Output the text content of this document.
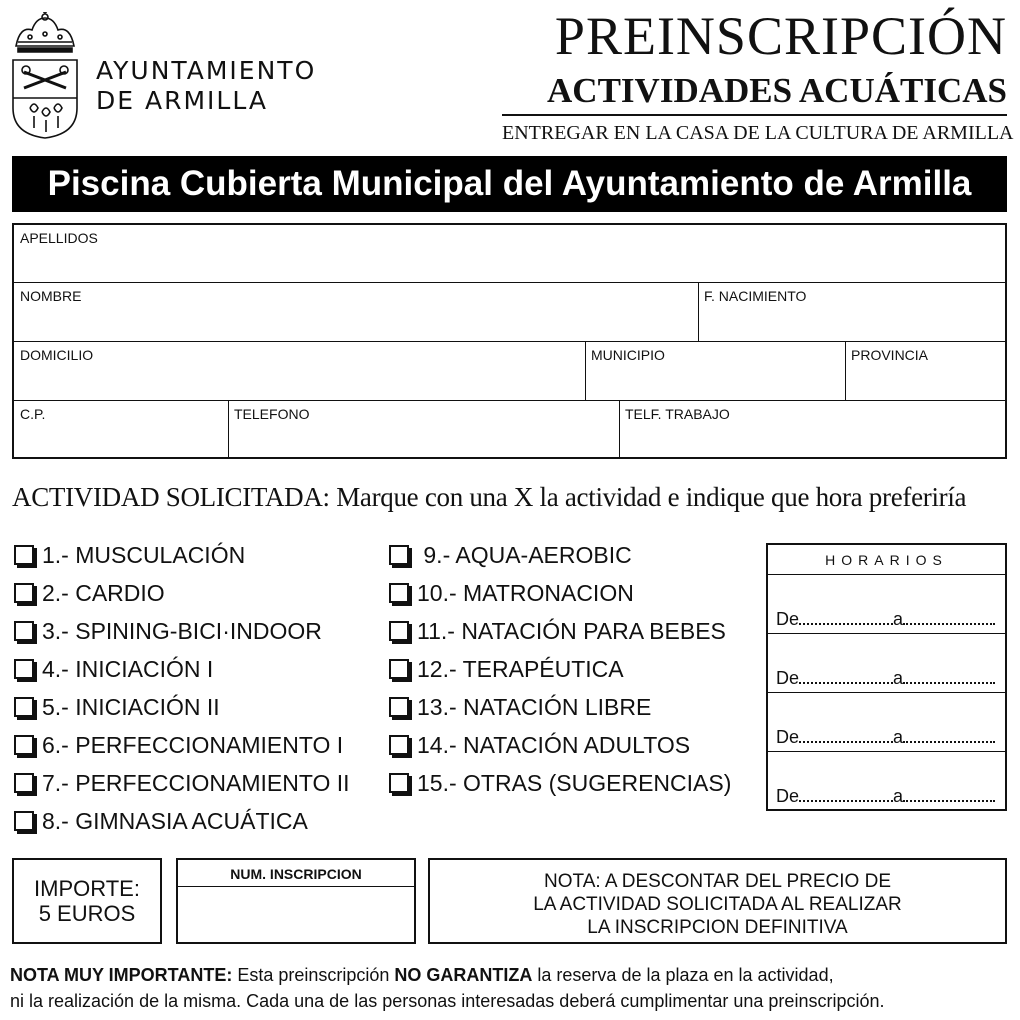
AYUNTAMIENTO
DE ARMILLA
PREINSCRIPCIÓN
ACTIVIDADES ACUÁTICAS
ENTREGAR EN LA CASA DE LA CULTURA DE ARMILLA
Piscina Cubierta Municipal del Ayuntamiento de Armilla
APELLIDOS
NOMBRE	F. NACIMIENTO
DOMICILIO	MUNICIPIO	PROVINCIA
C.P.	TELEFONO	TELF. TRABAJO
ACTIVIDAD SOLICITADA: Marque con una X la actividad e indique que hora preferiría
1.- MUSCULACIÓN
2.- CARDIO
3.- SPINING-BICI·INDOOR
4.- INICIACIÓN I
5.- INICIACIÓN II
6.- PERFECCIONAMIENTO I
7.- PERFECCIONAMIENTO II
8.- GIMNASIA ACUÁTICA
9.- AQUA-AEROBIC
10.- MATRONACION
11.- NATACIÓN PARA BEBES
12.- TERAPÉUTICA
13.- NATACIÓN LIBRE
14.- NATACIÓN ADULTOS
15.- OTRAS (SUGERENCIAS)
HORARIOS
De	a
De	a
De	a
De	a
IMPORTE:
5 EUROS
NUM. INSCRIPCION	NOTA: A DESCONTAR DEL PRECIO DE
LA ACTIVIDAD SOLICITADA AL REALIZAR
LA INSCRIPCION DEFINITIVA
NOTA MUY IMPORTANTE: Esta preinscripción NO GARANTIZA la reserva de la plaza en la actividad,
ni la realización de la misma. Cada una de las personas interesadas deberá cumplimentar una preinscripción.
